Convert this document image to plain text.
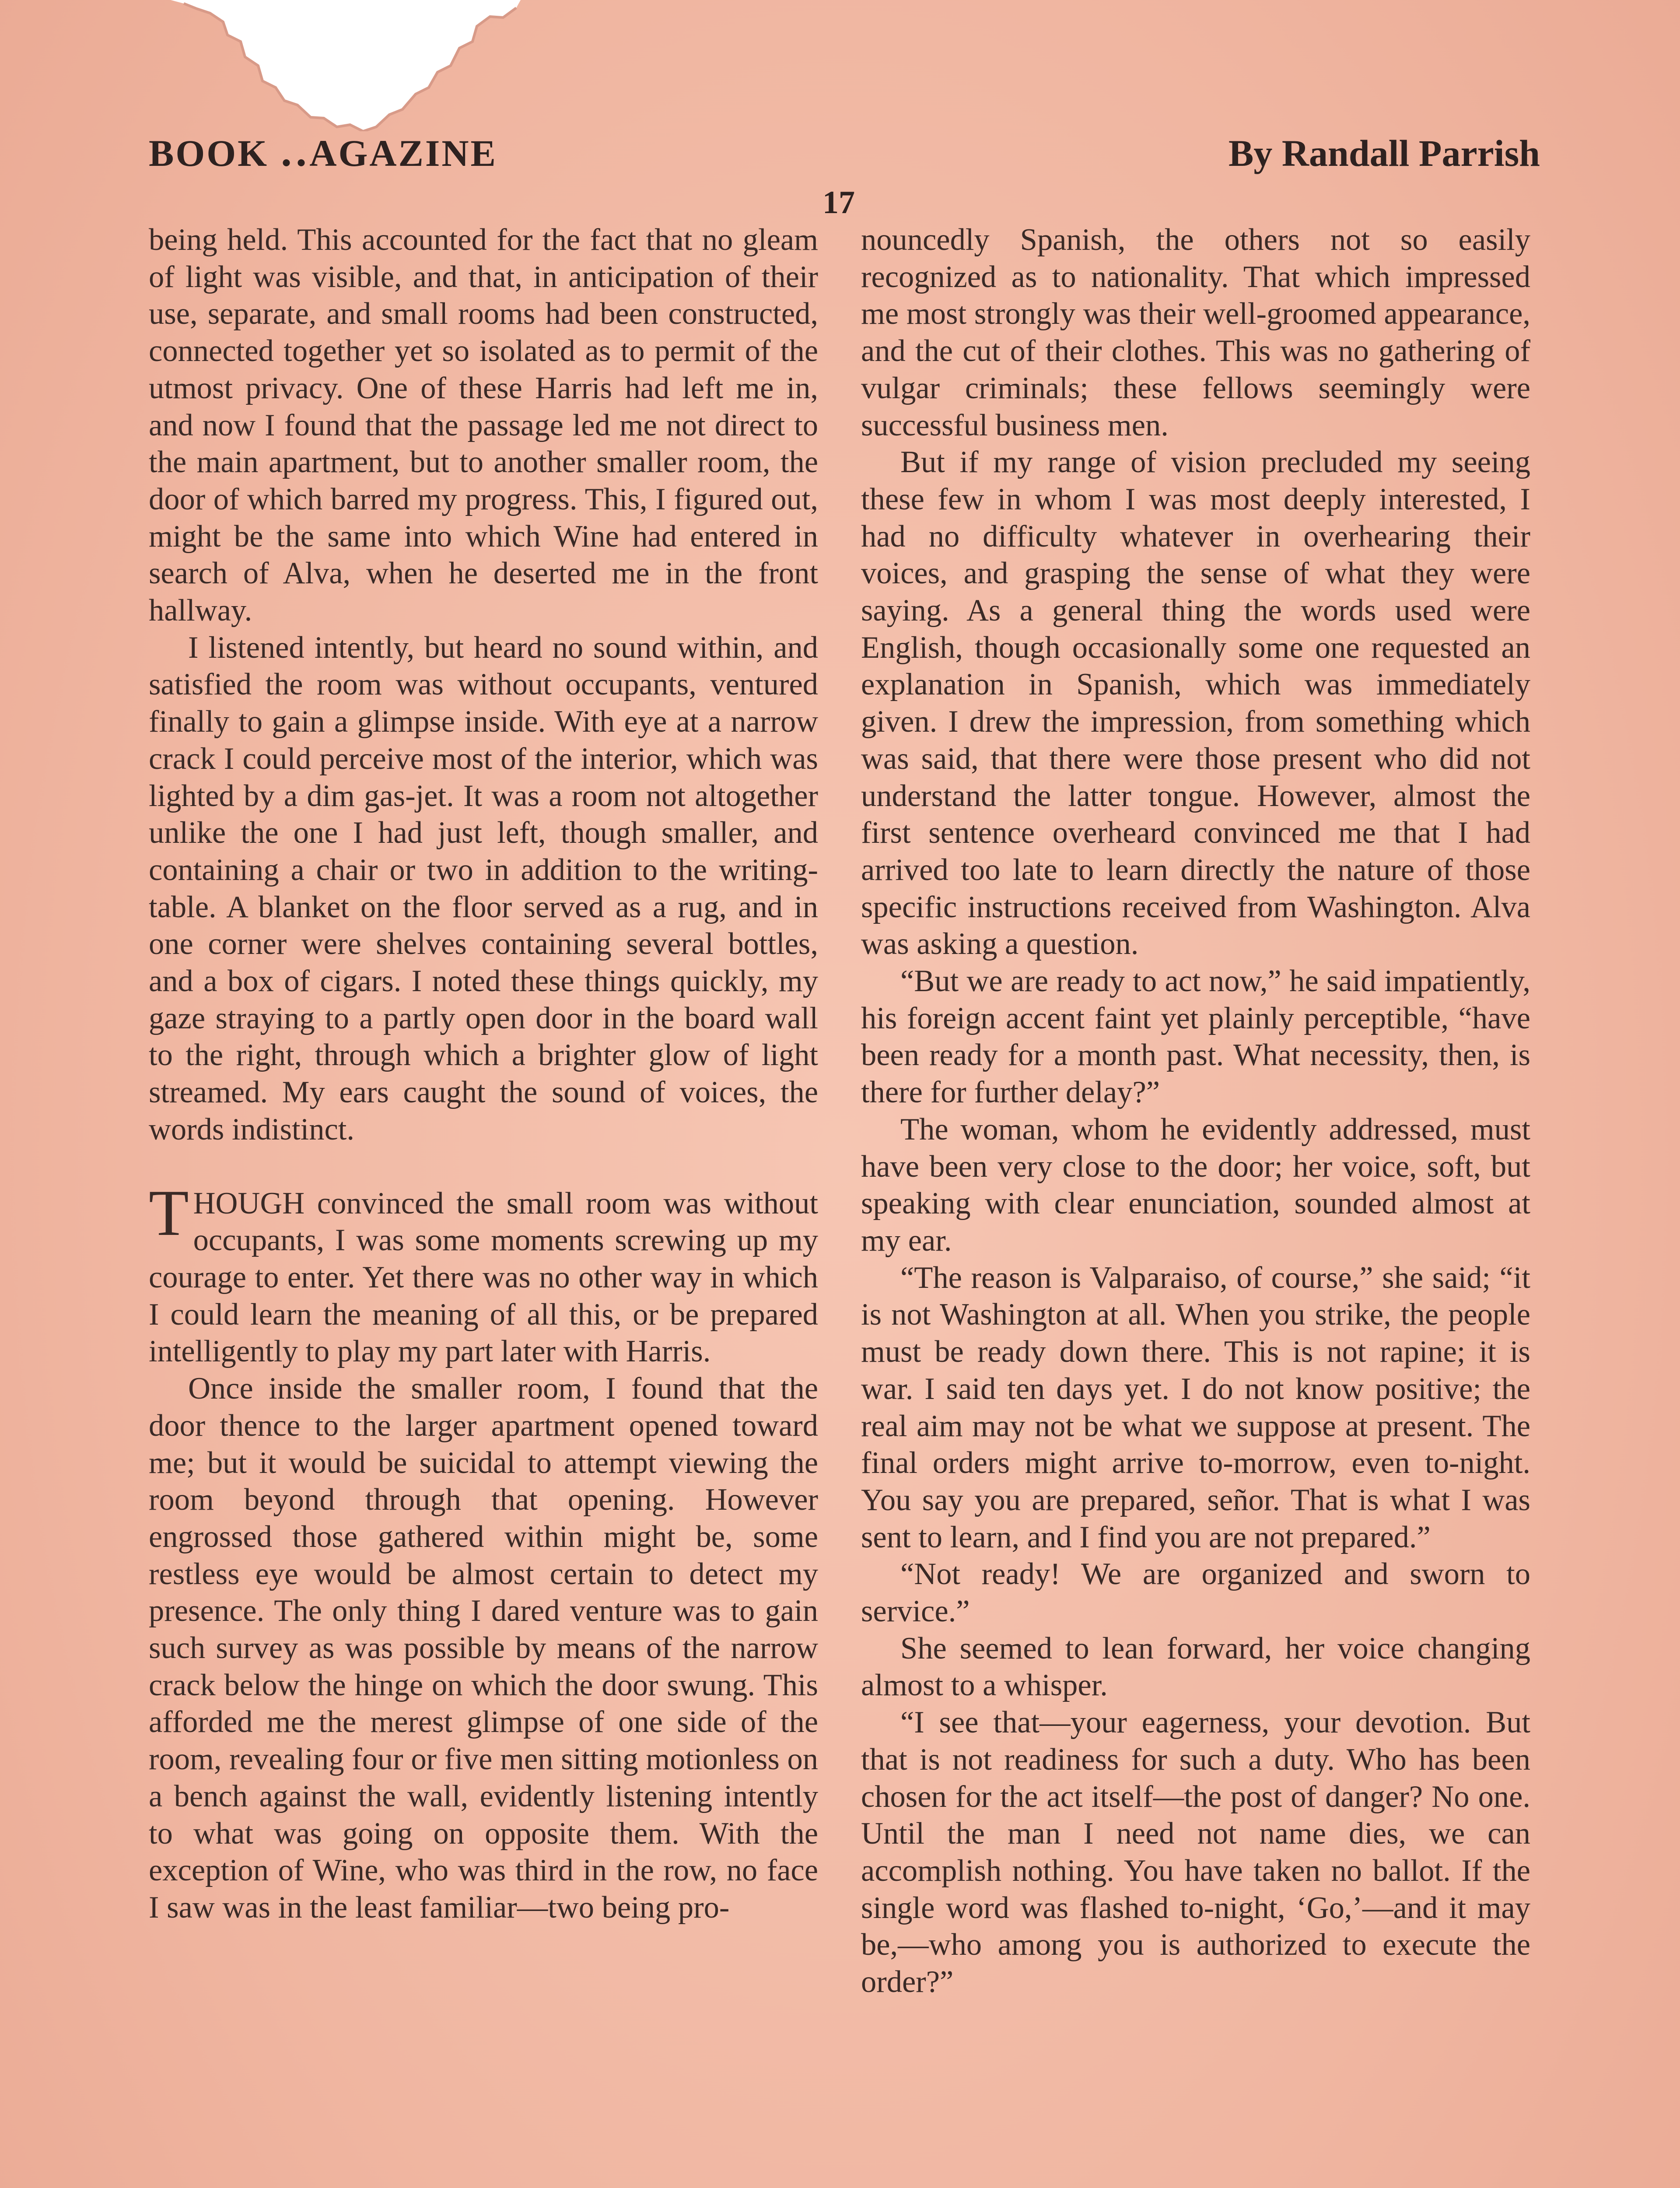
BOOK ․․AGAZINE	By Randall Parrish
17

being held. This accounted for the fact that no gleam of light was visible, and that, in anticipation of their use, separate, and small rooms had been constructed, connected together yet so isolated as to permit of the utmost privacy. One of these Harris had left me in, and now I found that the passage led me not direct to the main apartment, but to another smaller room, the door of which barred my progress. This, I figured out, might be the same into which Wine had entered in search of Alva, when he deserted me in the front hallway.

I listened intently, but heard no sound within, and satisfied the room was without occupants, ventured finally to gain a glimpse inside. With eye at a narrow crack I could perceive most of the interior, which was lighted by a dim gas-jet. It was a room not altogether unlike the one I had just left, though smaller, and containing a chair or two in addition to the writing-table. A blanket on the floor served as a rug, and in one corner were shelves containing several bottles, and a box of cigars. I noted these things quickly, my gaze straying to a partly open door in the board wall to the right, through which a brighter glow of light streamed. My ears caught the sound of voices, the words indistinct.

THOUGH convinced the small room was without occupants, I was some moments screwing up my courage to enter. Yet there was no other way in which I could learn the meaning of all this, or be prepared intelligently to play my part later with Harris.

Once inside the smaller room, I found that the door thence to the larger apartment opened toward me; but it would be suicidal to attempt viewing the room beyond through that opening. However engrossed those gathered within might be, some restless eye would be almost certain to detect my presence. The only thing I dared venture was to gain such survey as was possible by means of the narrow crack below the hinge on which the door swung. This afforded me the merest glimpse of one side of the room, revealing four or five men sitting motionless on a bench against the wall, evidently listening intently to what was going on opposite them. With the exception of Wine, who was third in the row, no face I saw was in the least familiar—two being pro-

nouncedly Spanish, the others not so easily recognized as to nationality. That which impressed me most strongly was their well-groomed appearance, and the cut of their clothes. This was no gathering of vulgar criminals; these fellows seemingly were successful business men.

But if my range of vision precluded my seeing these few in whom I was most deeply interested, I had no difficulty whatever in overhearing their voices, and grasping the sense of what they were saying. As a general thing the words used were English, though occasionally some one requested an explanation in Spanish, which was immediately given. I drew the impression, from something which was said, that there were those present who did not understand the latter tongue. However, almost the first sentence overheard convinced me that I had arrived too late to learn directly the nature of those specific instructions received from Washington. Alva was asking a question.

“But we are ready to act now,” he said impatiently, his foreign accent faint yet plainly perceptible, “have been ready for a month past. What necessity, then, is there for further delay?”

The woman, whom he evidently addressed, must have been very close to the door; her voice, soft, but speaking with clear enunciation, sounded almost at my ear.

“The reason is Valparaiso, of course,” she said; “it is not Washington at all. When you strike, the people must be ready down there. This is not rapine; it is war. I said ten days yet. I do not know positive; the real aim may not be what we suppose at present. The final orders might arrive to-morrow, even to-night. You say you are prepared, señor. That is what I was sent to learn, and I find you are not prepared.”

“Not ready! We are organized and sworn to service.”

She seemed to lean forward, her voice changing almost to a whisper.

“I see that—your eagerness, your devotion. But that is not readiness for such a duty. Who has been chosen for the act itself—the post of danger? No one. Until the man I need not name dies, we can accomplish nothing. You have taken no ballot. If the single word was flashed to-night, ‘Go,’—and it may be,—who among you is authorized to execute the order?”
